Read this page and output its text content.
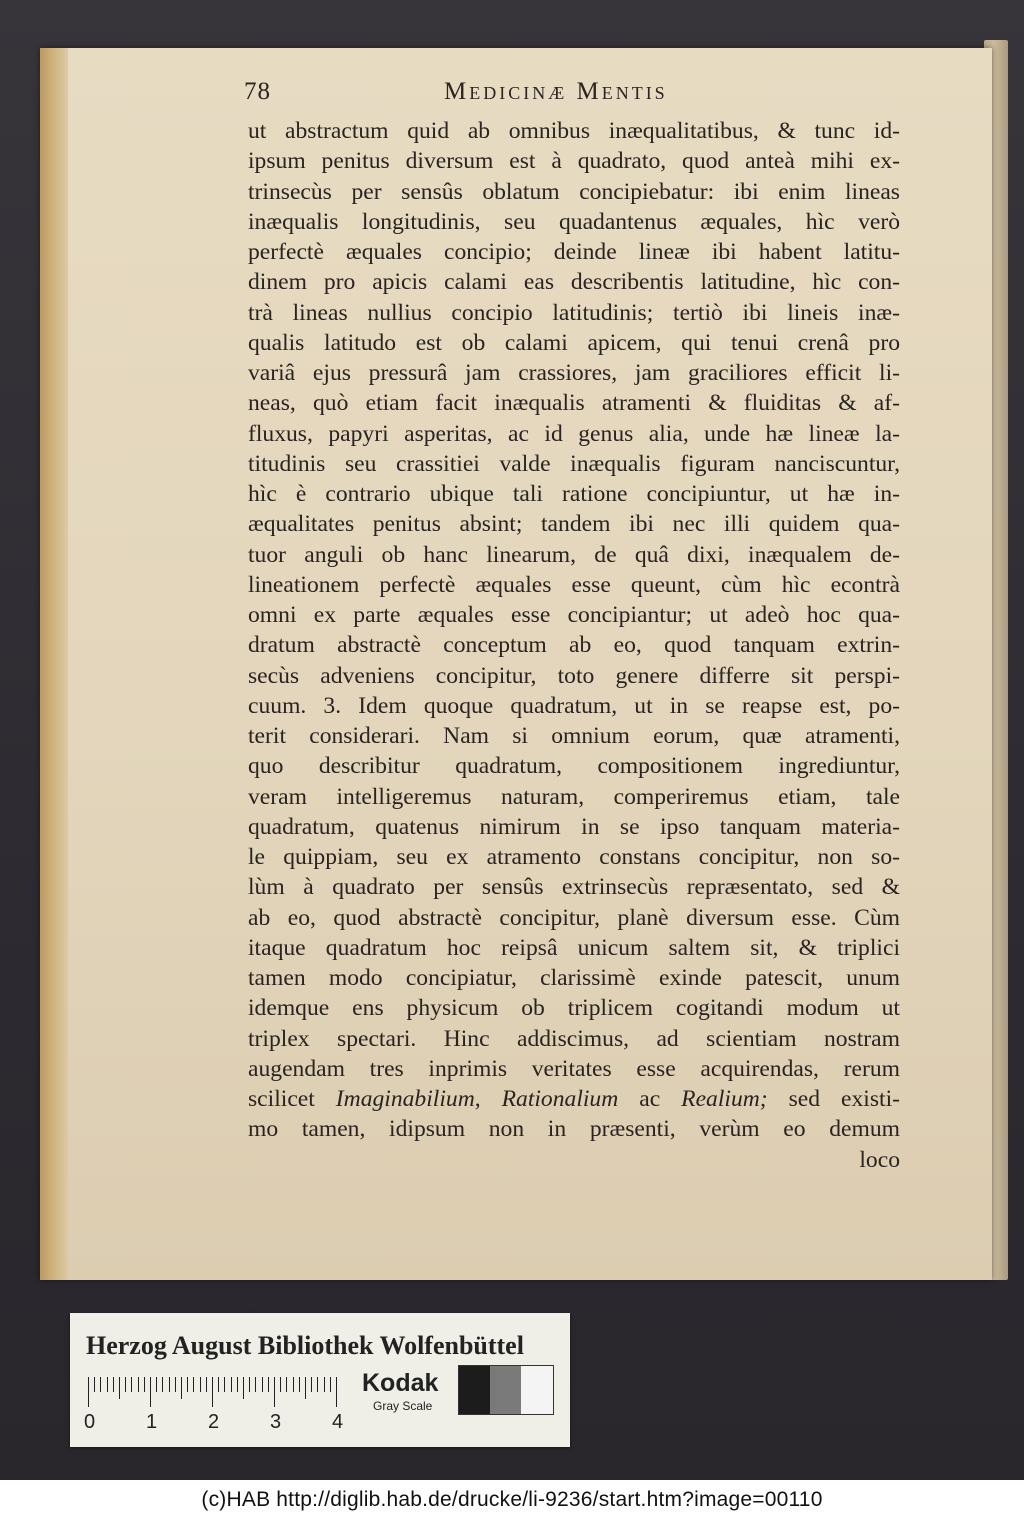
78	Medicinæ Mentis
ut abstractum quid ab omnibus inæqualitatibus, & tunc id-
ipsum penitus diversum est à quadrato, quod anteà mihi ex-
trinsecùs per sensûs oblatum concipiebatur: ibi enim lineas
inæqualis longitudinis, seu quadantenus æquales, hìc verò
perfectè æquales concipio; deinde lineæ ibi habent latitu-
dinem pro apicis calami eas describentis latitudine, hìc con-
trà lineas nullius concipio latitudinis; tertiò ibi lineis inæ-
qualis latitudo est ob calami apicem, qui tenui crenâ pro
variâ ejus pressurâ jam crassiores, jam graciliores efficit li-
neas, quò etiam facit inæqualis atramenti & fluiditas & af-
fluxus, papyri asperitas, ac id genus alia, unde hæ lineæ la-
titudinis seu crassitiei valde inæqualis figuram nanciscuntur,
hìc è contrario ubique tali ratione concipiuntur, ut hæ in-
æqualitates penitus absint; tandem ibi nec illi quidem qua-
tuor anguli ob hanc linearum, de quâ dixi, inæqualem de-
lineationem perfectè æquales esse queunt, cùm hìc econtrà
omni ex parte æquales esse concipiantur; ut adeò hoc qua-
dratum abstractè conceptum ab eo, quod tanquam extrin-
secùs adveniens concipitur, toto genere differre sit perspi-
cuum. 3. Idem quoque quadratum, ut in se reapse est, po-
terit considerari. Nam si omnium eorum, quæ atramenti,
quo describitur quadratum, compositionem ingrediuntur,
veram intelligeremus naturam, comperiremus etiam, tale
quadratum, quatenus nimirum in se ipso tanquam materia-
le quippiam, seu ex atramento constans concipitur, non so-
lùm à quadrato per sensûs extrinsecùs repræsentato, sed &
ab eo, quod abstractè concipitur, planè diversum esse. Cùm
itaque quadratum hoc reipsâ unicum saltem sit, & triplici
tamen modo concipiatur, clarissimè exinde patescit, unum
idemque ens physicum ob triplicem cogitandi modum ut
triplex spectari. Hinc addiscimus, ad scientiam nostram
augendam tres inprimis veritates esse acquirendas, rerum
scilicet Imaginabilium, Rationalium ac Realium; sed existi-
mo tamen, idipsum non in præsenti, verùm eo demum
loco
Herzog August Bibliothek Wolfenbüttel
0	1	2	3	4
Kodak
Gray Scale
(c)HAB http://diglib.hab.de/drucke/li-9236/start.htm?image=00110
